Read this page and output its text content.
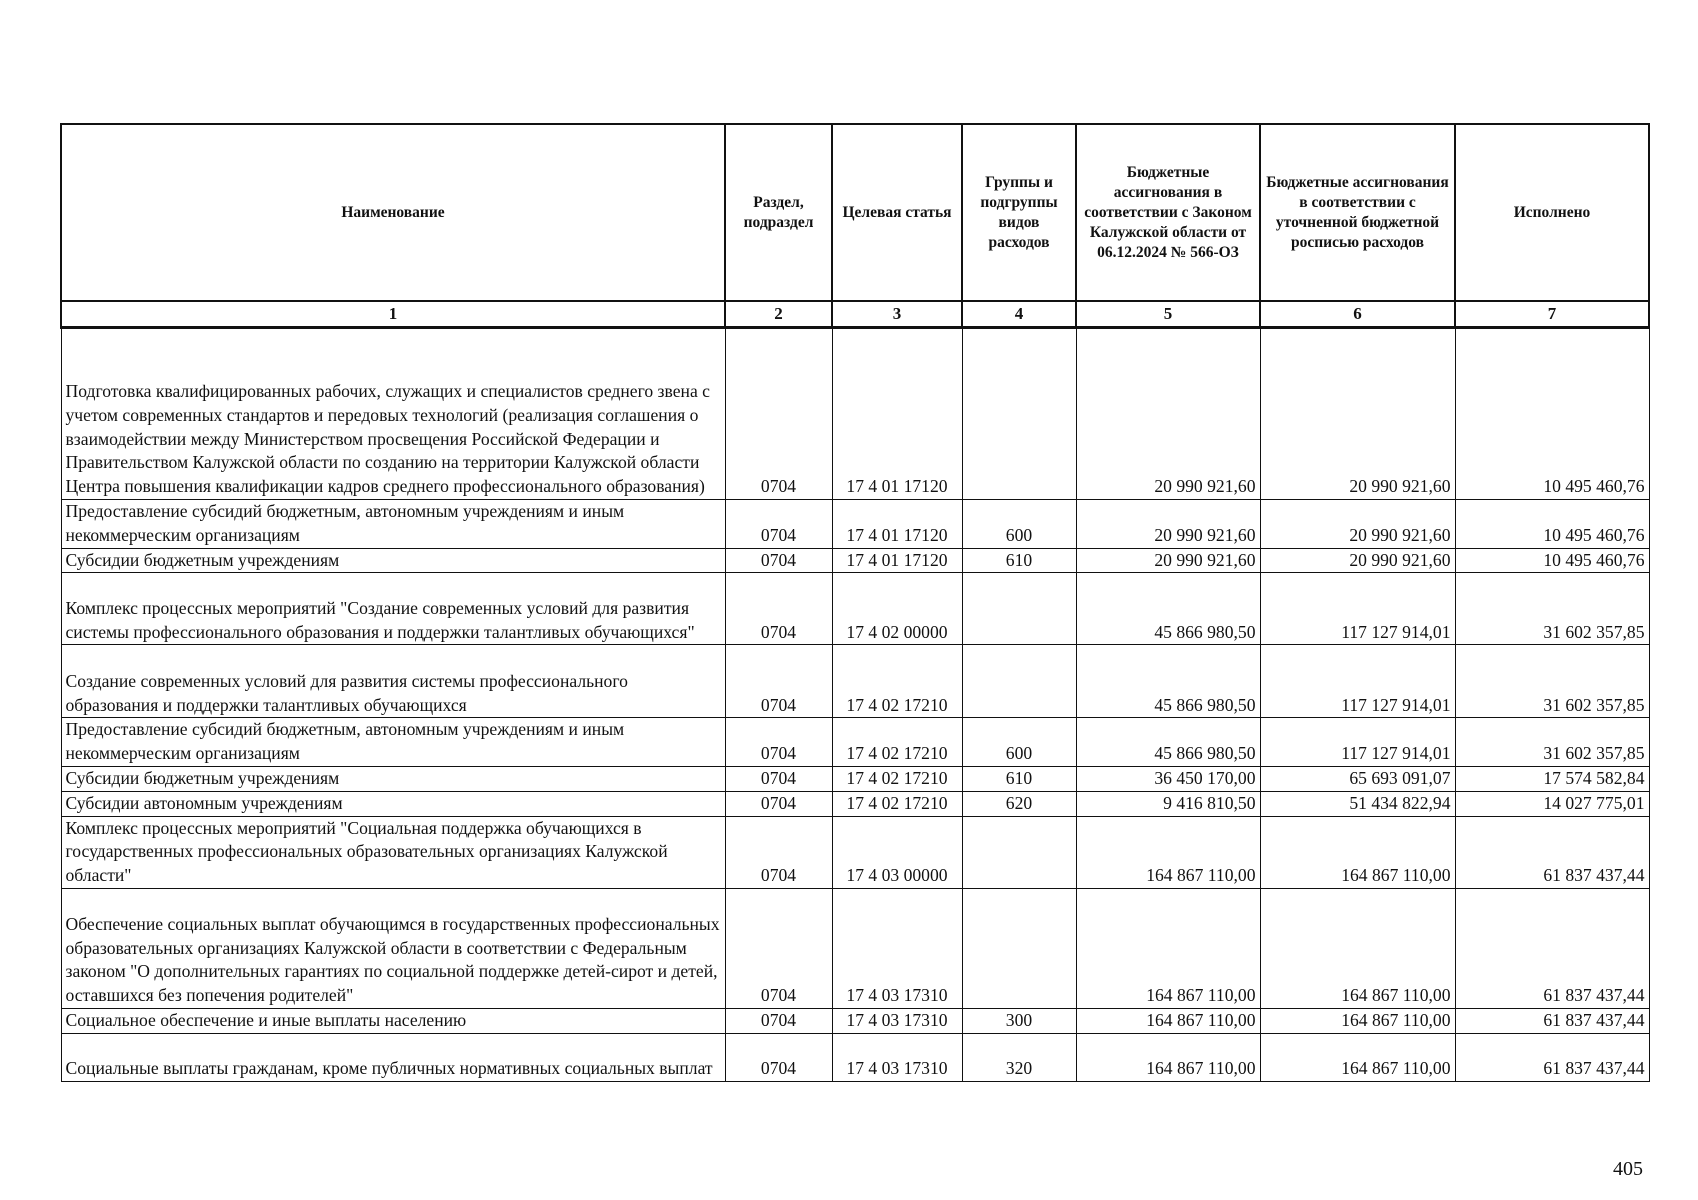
Наименование	Раздел, подраздел	Целевая статья	Группы и подгруппы видов расходов	Бюджетные ассигнования в соответствии с Законом Калужской области от 06.12.2024 № 566-ОЗ	Бюджетные ассигнования в соответствии с уточненной бюджетной росписью расходов	Исполнено
1	2	3	4	5	6	7
Подготовка квалифицированных рабочих, служащих и специалистов среднего звена с учетом современных стандартов и передовых технологий (реализация соглашения о взаимодействии между Министерством просвещения Российской Федерации и Правительством Калужской области по созданию на территории Калужской области Центра повышения квалификации кадров среднего профессионального образования)	0704	17 4 01 17120		20 990 921,60	20 990 921,60	10 495 460,76
Предоставление субсидий бюджетным, автономным учреждениям и иным некоммерческим организациям	0704	17 4 01 17120	600	20 990 921,60	20 990 921,60	10 495 460,76
Субсидии бюджетным учреждениям	0704	17 4 01 17120	610	20 990 921,60	20 990 921,60	10 495 460,76
Комплекс процессных мероприятий "Создание современных условий для развития системы профессионального образования и поддержки талантливых обучающихся"	0704	17 4 02 00000		45 866 980,50	117 127 914,01	31 602 357,85
Создание современных условий для развития системы профессионального образования и поддержки талантливых обучающихся	0704	17 4 02 17210		45 866 980,50	117 127 914,01	31 602 357,85
Предоставление субсидий бюджетным, автономным учреждениям и иным некоммерческим организациям	0704	17 4 02 17210	600	45 866 980,50	117 127 914,01	31 602 357,85
Субсидии бюджетным учреждениям	0704	17 4 02 17210	610	36 450 170,00	65 693 091,07	17 574 582,84
Субсидии автономным учреждениям	0704	17 4 02 17210	620	9 416 810,50	51 434 822,94	14 027 775,01
Комплекс процессных мероприятий "Социальная поддержка обучающихся в государственных профессиональных образовательных организациях Калужской области"	0704	17 4 03 00000		164 867 110,00	164 867 110,00	61 837 437,44
Обеспечение социальных выплат обучающимся в государственных профессиональных образовательных организациях Калужской области в соответствии с Федеральным законом "О дополнительных гарантиях по социальной поддержке детей-сирот и детей, оставшихся без попечения родителей"	0704	17 4 03 17310		164 867 110,00	164 867 110,00	61 837 437,44
Социальное обеспечение и иные выплаты населению	0704	17 4 03 17310	300	164 867 110,00	164 867 110,00	61 837 437,44
Социальные выплаты гражданам, кроме публичных нормативных социальных выплат	0704	17 4 03 17310	320	164 867 110,00	164 867 110,00	61 837 437,44
405
